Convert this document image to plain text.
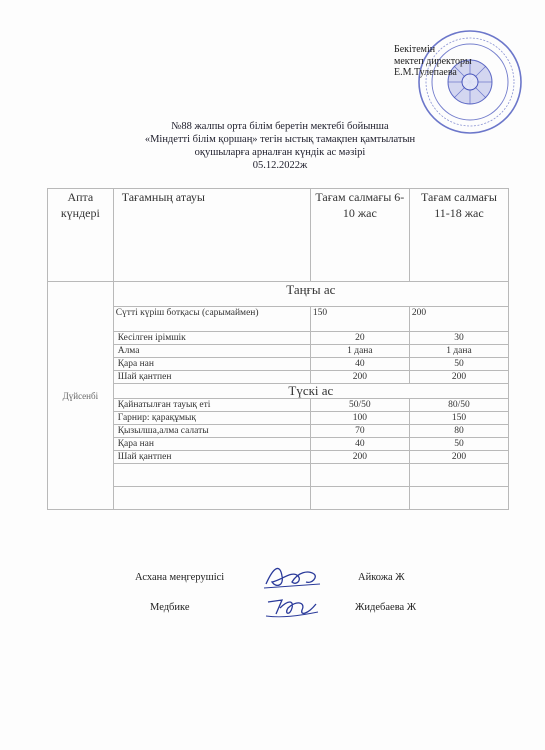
Бекітемін
мектеп директоры
Е.М.Тулепаева
№88 жалпы орта білім беретін мектебі бойынша
«Міндетті білім қоршаң» тегін ыстық тамақпен қамтылатын
оқушыларға арналған күндік ас мәзірі
05.12.2022ж
Апта күндері	Тағамның атауы	Тағам салмағы 6-10 жас	Тағам салмағы 11-18 жас
Дүйсенбі	Таңғы ас		
	Сүтті күріш ботқасы (сарымаймен)	150	200
	Кесілген ірімшік	20	30
	Алма	1 дана	1 дана
	Қара нан	40	50
	Шай қантпен	200	200
	Түскі ас		
	Қайнатылған тауық еті	50/50	80/50
	Гарнир: қарақұмық	100	150
	Қызылша,алма салаты	70	80
	Қара нан	40	50
	Шай қантпен	200	200

Асхана меңгерушісі	Айкожа Ж
Медбике	Жидебаева Ж
